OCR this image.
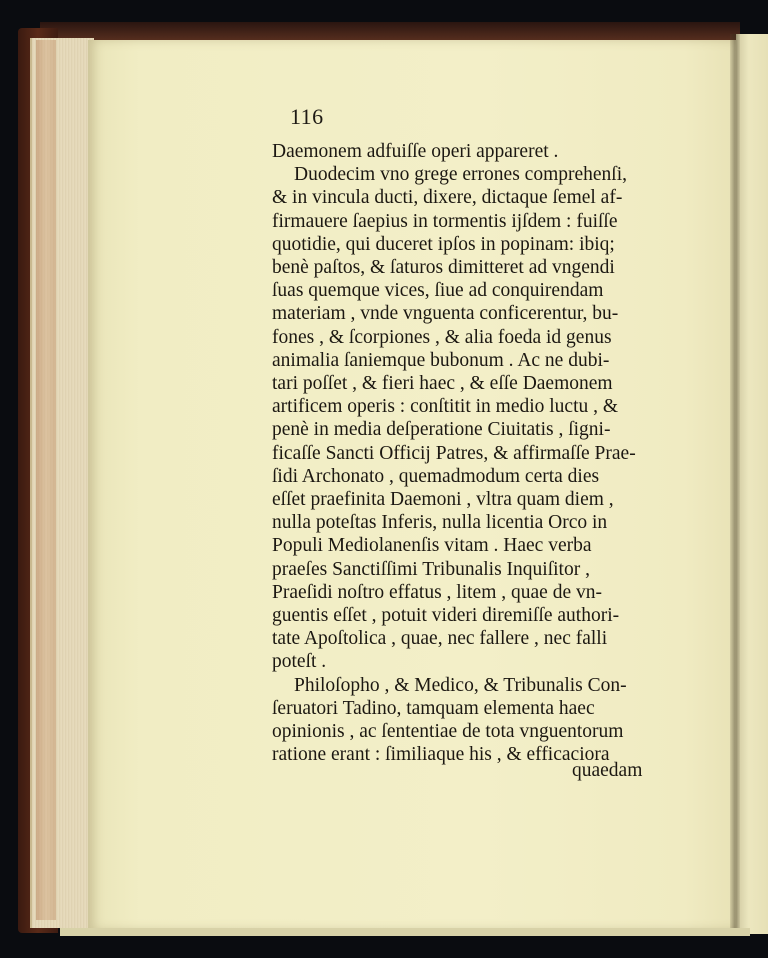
116
Daemonem adfuiſſe operi appareret .
Duodecim vno grege errones comprehenſi,
& in vincula ducti, dixere, dictaque ſemel af-
firmauere ſaepius in tormentis ijſdem : fuiſſe
quotidie, qui duceret ipſos in popinam: ibiq;
benè paſtos, & ſaturos dimitteret ad vngendi
ſuas quemque vices, ſiue ad conquirendam
materiam , vnde vnguenta conficerentur, bu-
fones , & ſcorpiones , & alia foeda id genus
animalia ſaniemque bubonum . Ac ne dubi-
tari poſſet , & fieri haec , & eſſe Daemonem
artificem operis : conſtitit in medio luctu , &
penè in media deſperatione Ciuitatis , ſigni-
ficaſſe Sancti Officij Patres, & affirmaſſe Prae-
ſidi Archonato , quemadmodum certa dies
eſſet praefinita Daemoni , vltra quam diem ,
nulla poteſtas Inferis, nulla licentia Orco in
Populi Mediolanenſis vitam . Haec verba
praeſes Sanctiſſimi Tribunalis Inquiſitor ,
Praeſidi noſtro effatus , litem , quae de vn-
guentis eſſet , potuit videri diremiſſe authori-
tate Apoſtolica , quae, nec fallere , nec falli
poteſt .
Philoſopho , & Medico, & Tribunalis Con-
ſeruatori Tadino, tamquam elementa haec
opinionis , ac ſententiae de tota vnguentorum
ratione erant : ſimiliaque his , & efficaciora
quaedam
